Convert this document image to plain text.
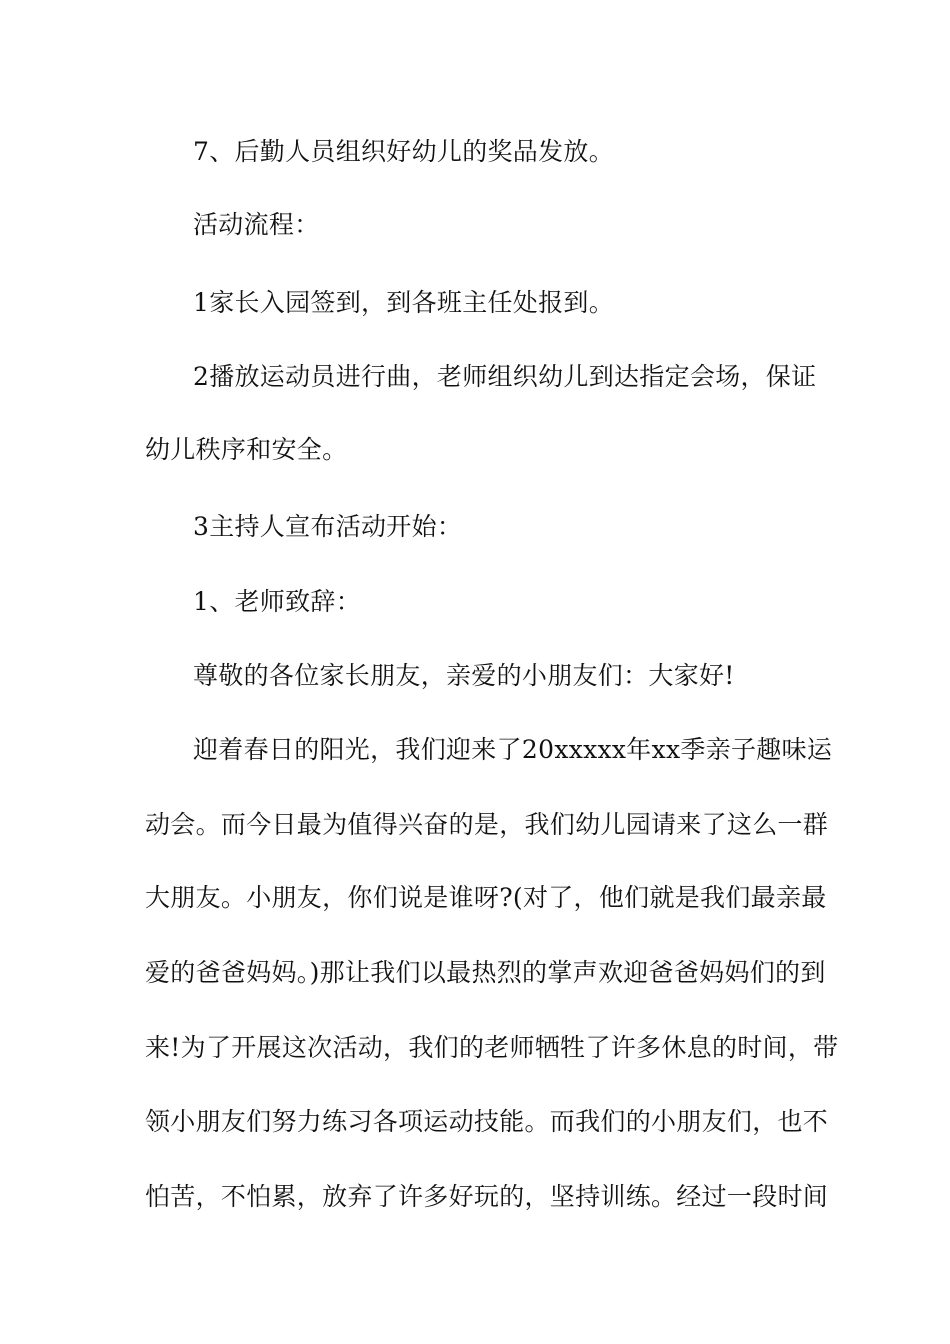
7、后勤人员组织好幼儿的奖品发放。
活动流程：
1家长入园签到，到各班主任处报到。
2播放运动员进行曲，老师组织幼儿到达指定会场，保证
幼儿秩序和安全。
3主持人宣布活动开始：
1、老师致辞：
尊敬的各位家长朋友，亲爱的小朋友们：大家好!
迎着春日的阳光，我们迎来了20xxxxx年xx季亲子趣味运
动会。而今日最为值得兴奋的是，我们幼儿园请来了这么一群
大朋友。小朋友，你们说是谁呀?(对了，他们就是我们最亲最
爱的爸爸妈妈。)那让我们以最热烈的掌声欢迎爸爸妈妈们的到
来!为了开展这次活动，我们的老师牺牲了许多休息的时间，带
领小朋友们努力练习各项运动技能。而我们的小朋友们，也不
怕苦，不怕累，放弃了许多好玩的，坚持训练。经过一段时间
